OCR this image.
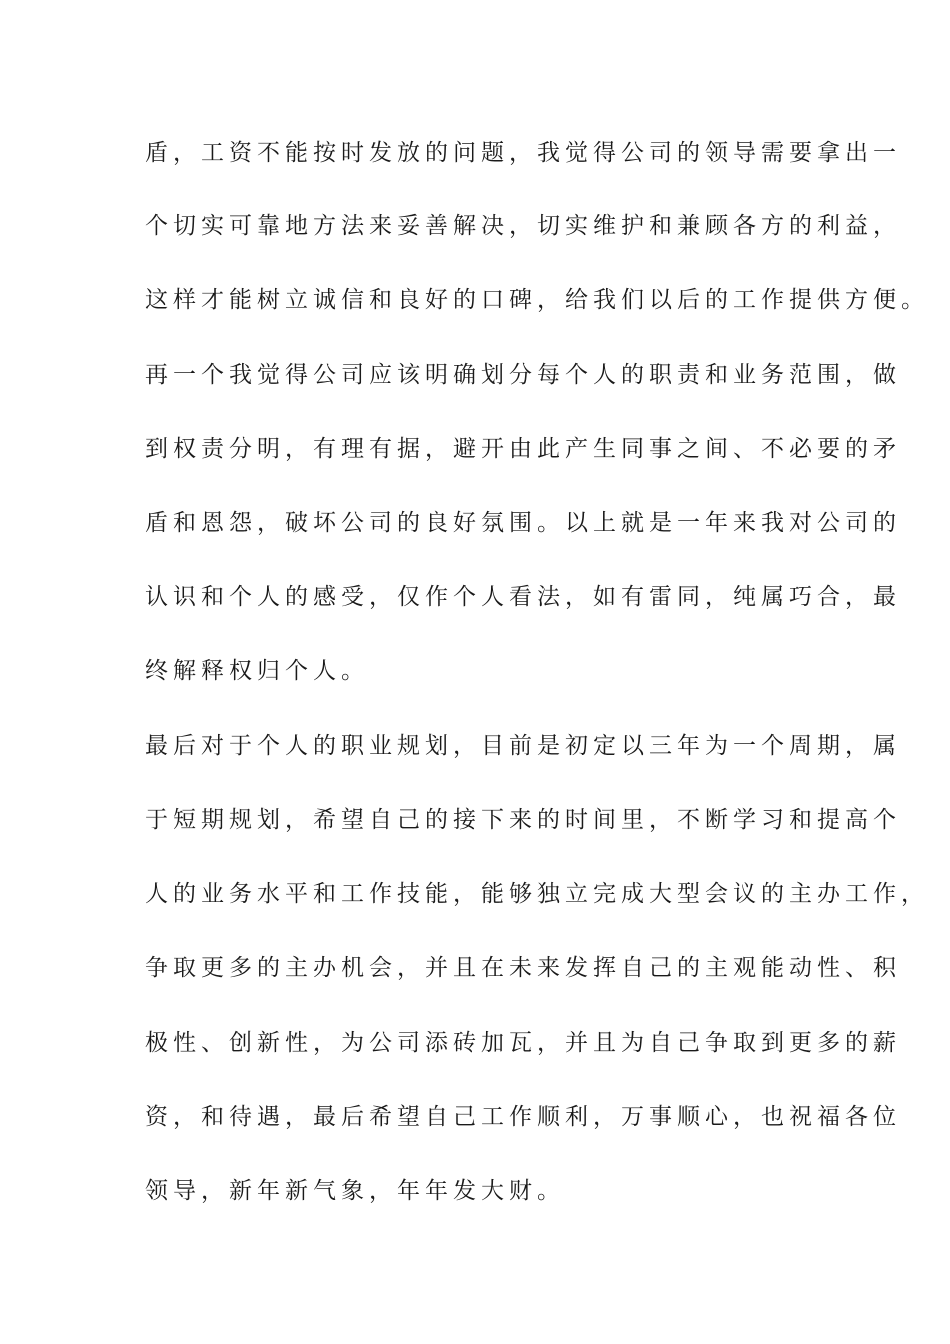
盾，工资不能按时发放的问题，我觉得公司的领导需要拿出一
个切实可靠地方法来妥善解决，切实维护和兼顾各方的利益，
这样才能树立诚信和良好的口碑，给我们以后的工作提供方便。
再一个我觉得公司应该明确划分每个人的职责和业务范围，做
到权责分明，有理有据，避开由此产生同事之间、不必要的矛
盾和恩怨，破坏公司的良好氛围。以上就是一年来我对公司的
认识和个人的感受，仅作个人看法，如有雷同，纯属巧合，最
终解释权归个人。
最后对于个人的职业规划，目前是初定以三年为一个周期，属
于短期规划，希望自己的接下来的时间里，不断学习和提高个
人的业务水平和工作技能，能够独立完成大型会议的主办工作，
争取更多的主办机会，并且在未来发挥自己的主观能动性、积
极性、创新性，为公司添砖加瓦，并且为自己争取到更多的薪
资，和待遇，最后希望自己工作顺利，万事顺心，也祝福各位
领导，新年新气象，年年发大财。
